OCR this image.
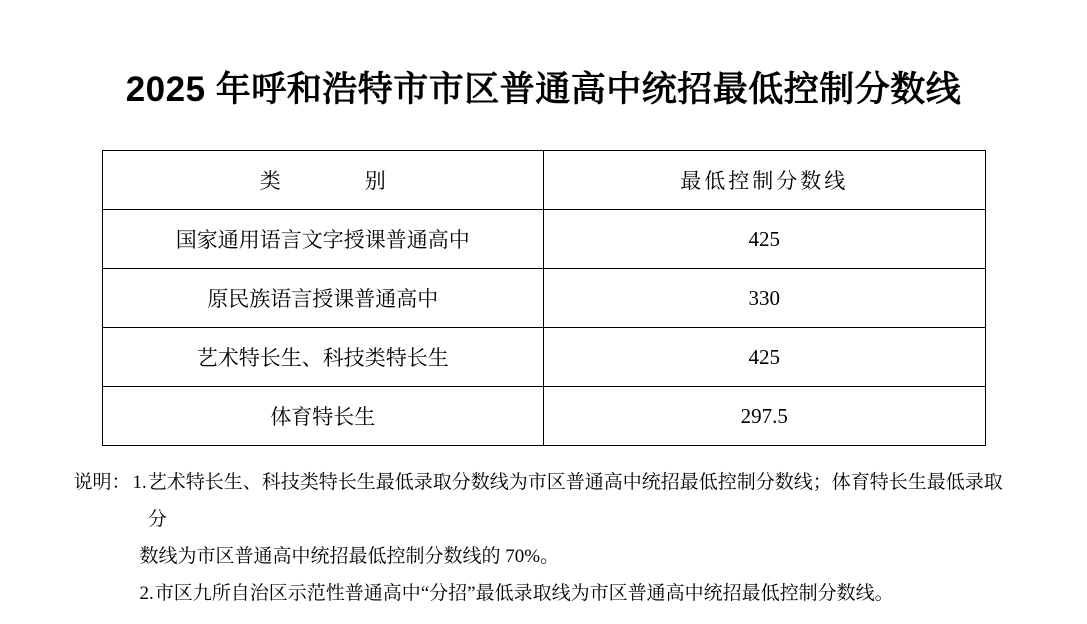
2025 年呼和浩特市市区普通高中统招最低控制分数线
类　　别	最低控制分数线
国家通用语言文字授课普通高中	425
原民族语言授课普通高中	330
艺术特长生、科技类特长生	425
体育特长生	297.5
说明： 1. 艺术特长生、科技类特长生最低录取分数线为市区普通高中统招最低控制分数线；体育特长生最低录取分
数线为市区普通高中统招最低控制分数线的 70%。
2. 市区九所自治区示范性普通高中“分招”最低录取线为市区普通高中统招最低控制分数线。
